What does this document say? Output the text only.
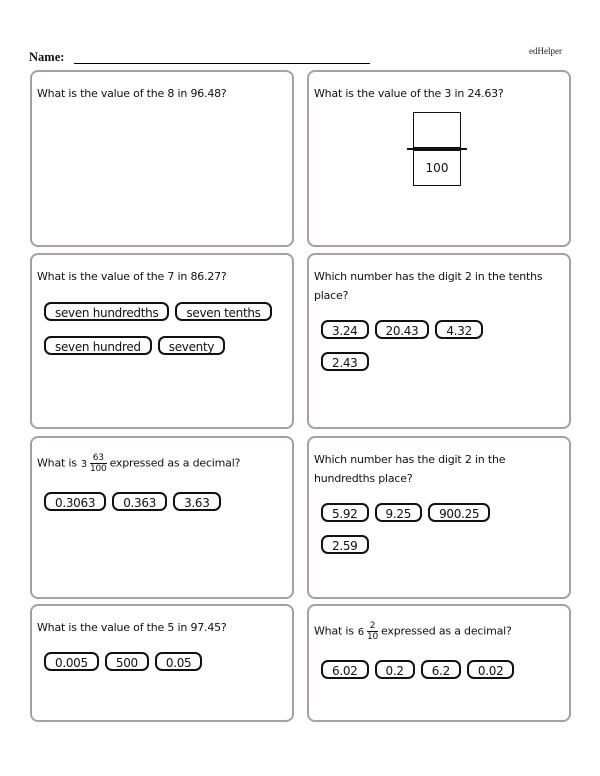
edHelper
Name:
What is the value of the 8 in 96.48?	What is the value of the 3 in 24.63?
100
What is the value of the 7 in 86.27?
seven hundredths	seven tenths
seven hundred	seventy
Which number has the digit 2 in the tenths place?
3.24	20.43	4.32
2.43
What is $3 \frac{63}{100}$ expressed as a decimal?
0.3063	0.363	3.63
Which number has the digit 2 in the hundredths place?
5.92	9.25	900.25
2.59
What is the value of the 5 in 97.45?
0.005	500	0.05
What is $6 \frac{2}{10}$ expressed as a decimal?
6.02	0.2	6.2	0.02
